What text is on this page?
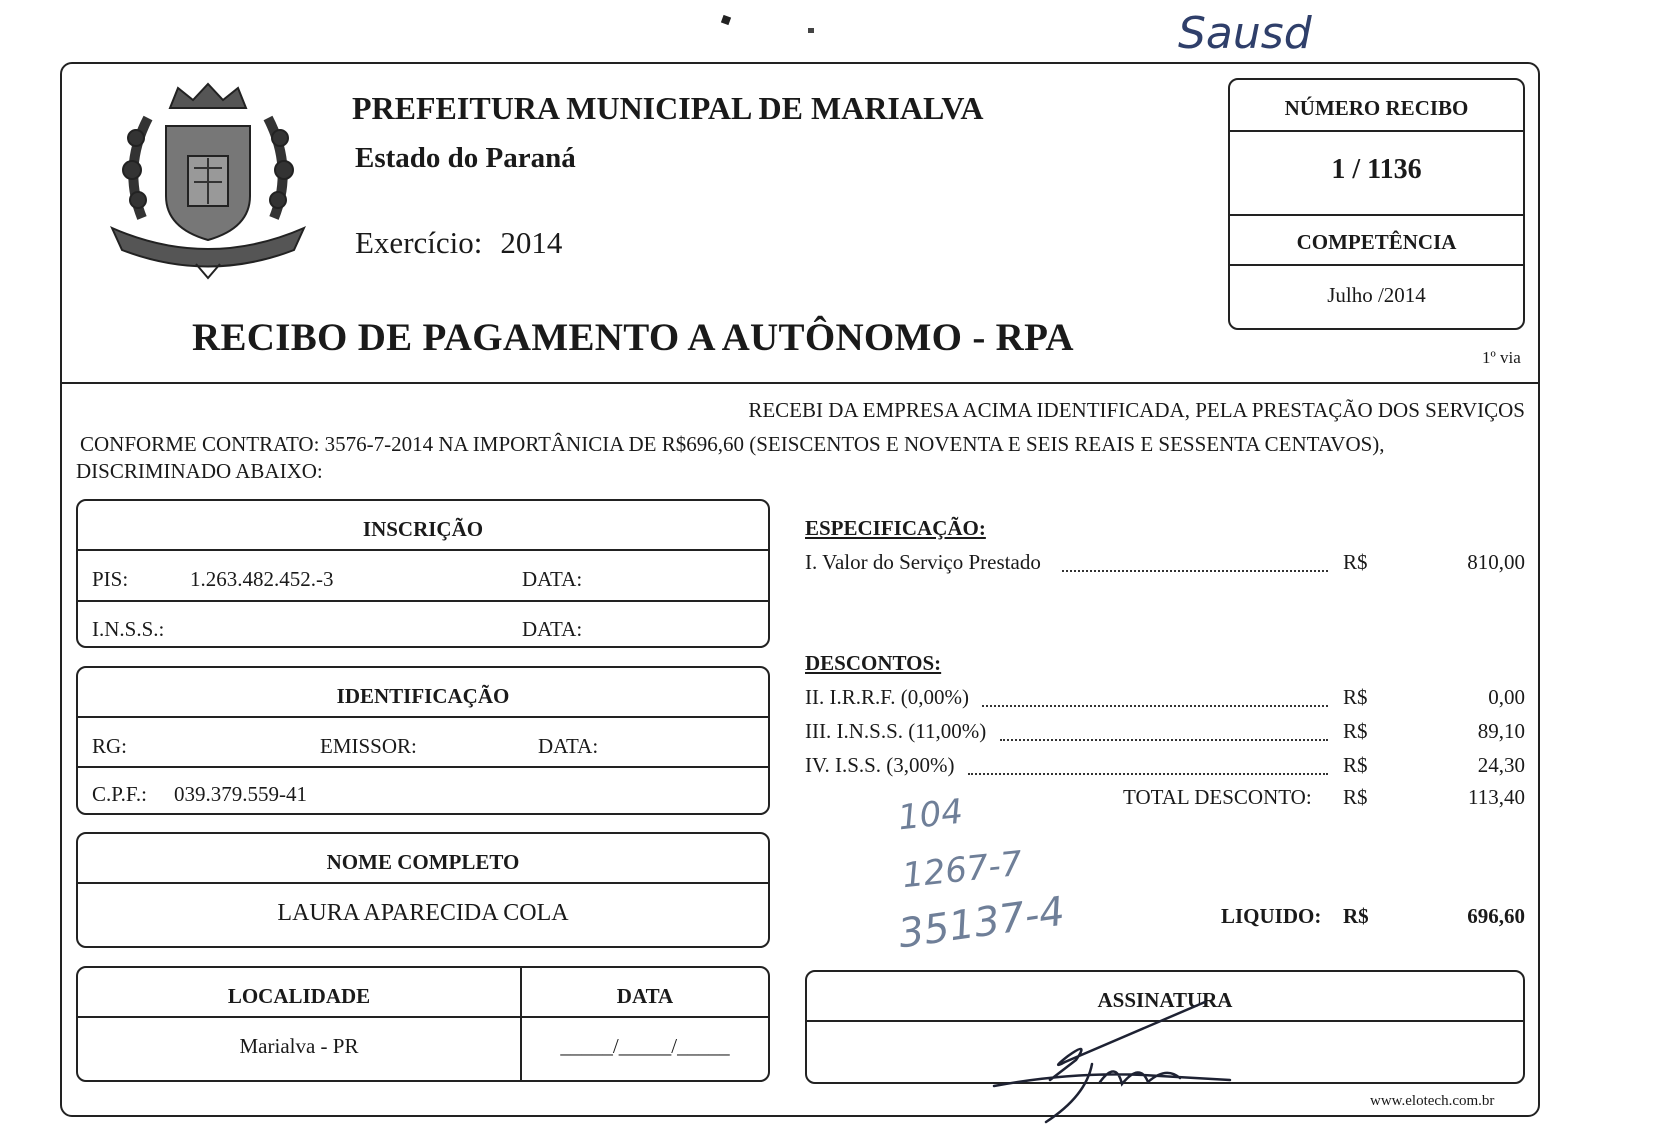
Sausd
PREFEITURA MUNICIPAL DE MARIALVA
Estado do Paraná
Exercício: 2014
RECIBO DE PAGAMENTO A AUTÔNOMO - RPA	1º via
NÚMERO RECIBO
1 / 1136
COMPETÊNCIA
Julho /2014
RECEBI DA EMPRESA ACIMA IDENTIFICADA, PELA PRESTAÇÃO DOS SERVIÇOS
CONFORME CONTRATO: 3576-7-2014 NA IMPORTÂNICIA DE R$696,60 (SEISCENTOS E NOVENTA E SEIS REAIS E SESSENTA CENTAVOS),
DISCRIMINADO ABAIXO:
INSCRIÇÃO
PIS:	1.263.482.452.-3	DATA:
I.N.S.S.:	DATA:
IDENTIFICAÇÃO
RG:	EMISSOR:	DATA:
C.P.F.: 039.379.559-41
NOME COMPLETO
LAURA APARECIDA COLA
LOCALIDADE	DATA
Marialva - PR	_____/_____/_____
ESPECIFICAÇÃO:
I. Valor do Serviço Prestado	R$	810,00
DESCONTOS:
II. I.R.R.F. (0,00%)	R$	0,00
III. I.N.S.S. (11,00%)	R$	89,10
IV. I.S.S. (3,00%)	R$	24,30
TOTAL DESCONTO: R$	113,40
104
1267-7
35137-4	LIQUIDO: R$	696,60
ASSINATURA
www.elotech.com.br
